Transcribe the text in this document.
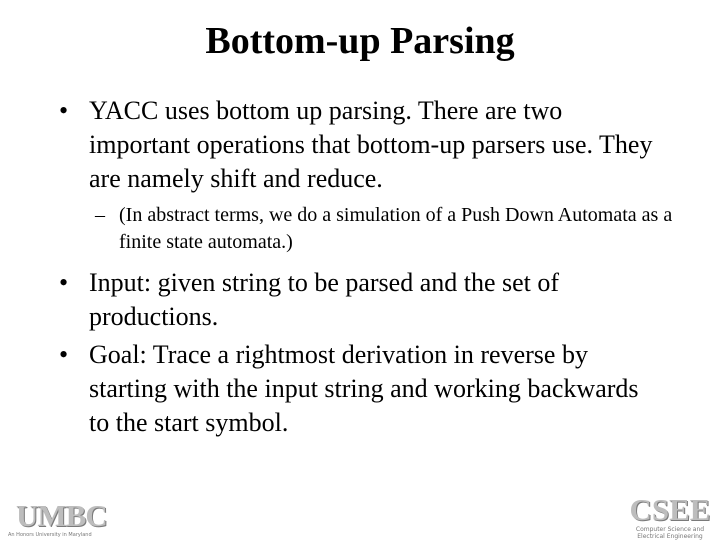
Bottom-up Parsing
• YACC uses bottom up parsing. There are two important operations that bottom-up parsers use. They are namely shift and reduce.
– (In abstract terms, we do a simulation of a Push Down Automata as a finite state automata.)
• Input: given string to be parsed and the set of productions.
• Goal: Trace a rightmost derivation in reverse by starting with the input string and working backwards to the start symbol.
UMBC
An Honors University in Maryland
CSEE
Computer Science and
Electrical Engineering
